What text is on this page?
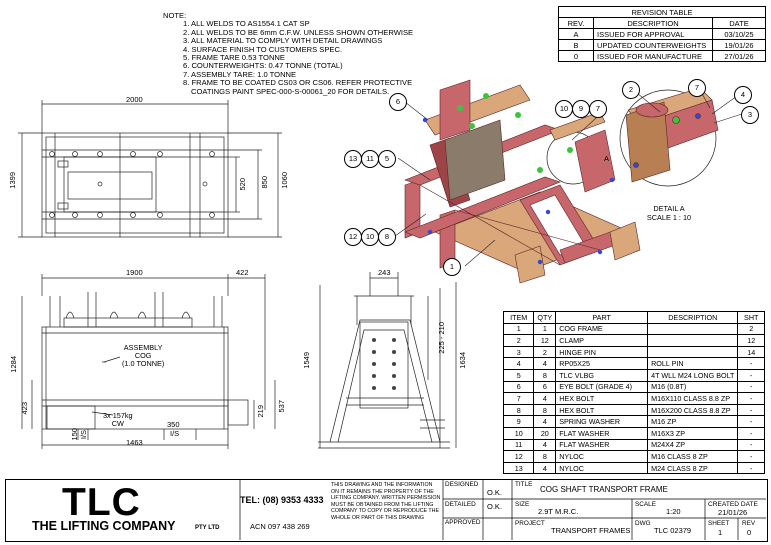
NOTE:
1. ALL WELDS TO AS1554.1 CAT SP
2. ALL WELDS TO BE 6mm C.F.W. UNLESS SHOWN OTHERWISE
3. ALL MATERIAL TO COMPLY WITH DETAIL DRAWINGS
4. SURFACE FINISH TO CUSTOMERS SPEC.
5. FRAME TARE 0.53 TONNE
6. COUNTERWEIGHTS: 0.47 TONNE (TOTAL)
7. ASSEMBLY TARE: 1.0 TONNE
8. FRAME TO BE COATED CS03 OR CS06. REFER PROTECTIVE
COATINGS PAINT SPEC-000-S-00061_20 FOR DETAILS.
REVISION TABLE		
REV.	DESCRIPTION	DATE
A	ISSUED FOR APPROVAL	03/10/25
B	UPDATED COUNTERWEIGHTS	19/01/26
0	ISSUED FOR MANUFACTURE	27/01/26
2000
1399	520 850 1060
1900	422
1284
423	219 537
350
I/S
150 I/S
1463
243
225 - 210
1549	1634
ASSEMBLY
COG
(1.0 TONNE)
3x 157kg
CW
A
DETAIL A
SCALE 1 : 10
6
13	11	5
12	10	8
1
10	9	7
2	7
4
3
ITEM	QTY	PART	DESCRIPTION	SHT
1	1	COG FRAME		2
2	12	CLAMP		12
3	2	HINGE PIN		14
4	4	RP05X25	ROLL PIN	-
5	8	TLC VLBG	4T WLL M24 LONG BOLT	-
6	6	EYE BOLT (GRADE 4)	M16 (0.8T)	-
7	4	HEX BOLT	M16X110 CLASS 8.8 ZP	-
8	8	HEX BOLT	M16X200 CLASS 8.8 ZP	-
9	4	SPRING WASHER	M16 ZP	-
10	20	FLAT WASHER	M16X3 ZP	-
11	4	FLAT WASHER	M24X4 ZP	-
12	8	NYLOC	M16 CLASS 8 ZP	-
13	4	NYLOC	M24 CLASS 8 ZP	-
TLC
THE LIFTING COMPANY	PTY LTD
TEL: (08) 9353 4333
ACN 097 438 269
THIS DRAWING AND THE INFORMATION ON IT REMAINS THE PROPERTY OF THE LIFTING COMPANY. WRITTEN PERMISSION MUST BE OBTAINED FROM THE LIFTING COMPANY TO COPY OR REPRODUCE THE WHOLE OR PART OF THIS DRAWING
DESIGNED
O.K.
DETAILED O.K.
APPROVED
TITLE
COG SHAFT TRANSPORT FRAME
SIZE
2.9T M.R.C.
SCALE
1:20
CREATED DATE
21/01/26
PROJECT
TRANSPORT FRAMES
DWG
TLC 02379
SHEET
1
REV
0
